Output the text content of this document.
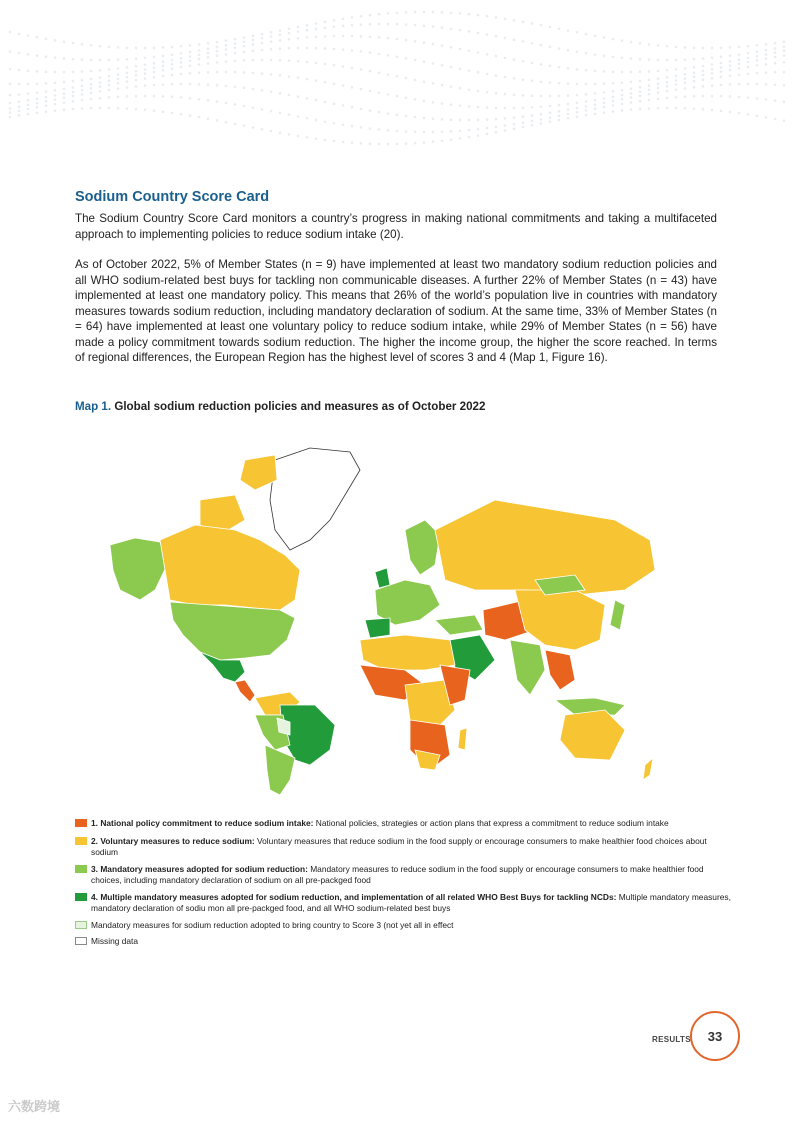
Sodium Country Score Card

The Sodium Country Score Card monitors a country’s progress in making national commitments and taking a multifaceted approach to implementing policies to reduce sodium intake (20).

As of October 2022, 5% of Member States (n = 9) have implemented at least two mandatory sodium reduction policies and all WHO sodium-related best buys for tackling non communicable diseases. A further 22% of Member States (n = 43) have implemented at least one mandatory policy. This means that 26% of the world’s population live in countries with mandatory measures towards sodium reduction, including mandatory declaration of sodium. At the same time, 33% of Member States (n = 64) have implemented at least one voluntary policy to reduce sodium intake, while 29% of Member States (n = 56) have made a policy commitment towards sodium reduction. The higher the income group, the higher the score reached. In terms of regional differences, the European Region has the highest level of scores 3 and 4 (Map 1, Figure 16).

Map 1. Global sodium reduction policies and measures as of October 2022

1. National policy commitment to reduce sodium intake: National policies, strategies or action plans that express a commitment to reduce sodium intake
2. Voluntary measures to reduce sodium: Voluntary measures that reduce sodium in the food supply or encourage consumers to make healthier food choices about sodium
3. Mandatory measures adopted for sodium reduction: Mandatory measures to reduce sodium in the food supply or encourage consumers to make healthier food choices, including mandatory declaration of sodium on all pre-packged food
4. Multiple mandatory measures adopted for sodium reduction, and implementation of all related WHO Best Buys for tackling NCDs: Multiple mandatory measures, mandatory declaration of sodiu mon all pre-packged food, and all WHO sodium-related best buys
Mandatory measures for sodium reduction adopted to bring country to Score 3 (not yet all in effect
Missing data
RESULTS	33
六数跨境
